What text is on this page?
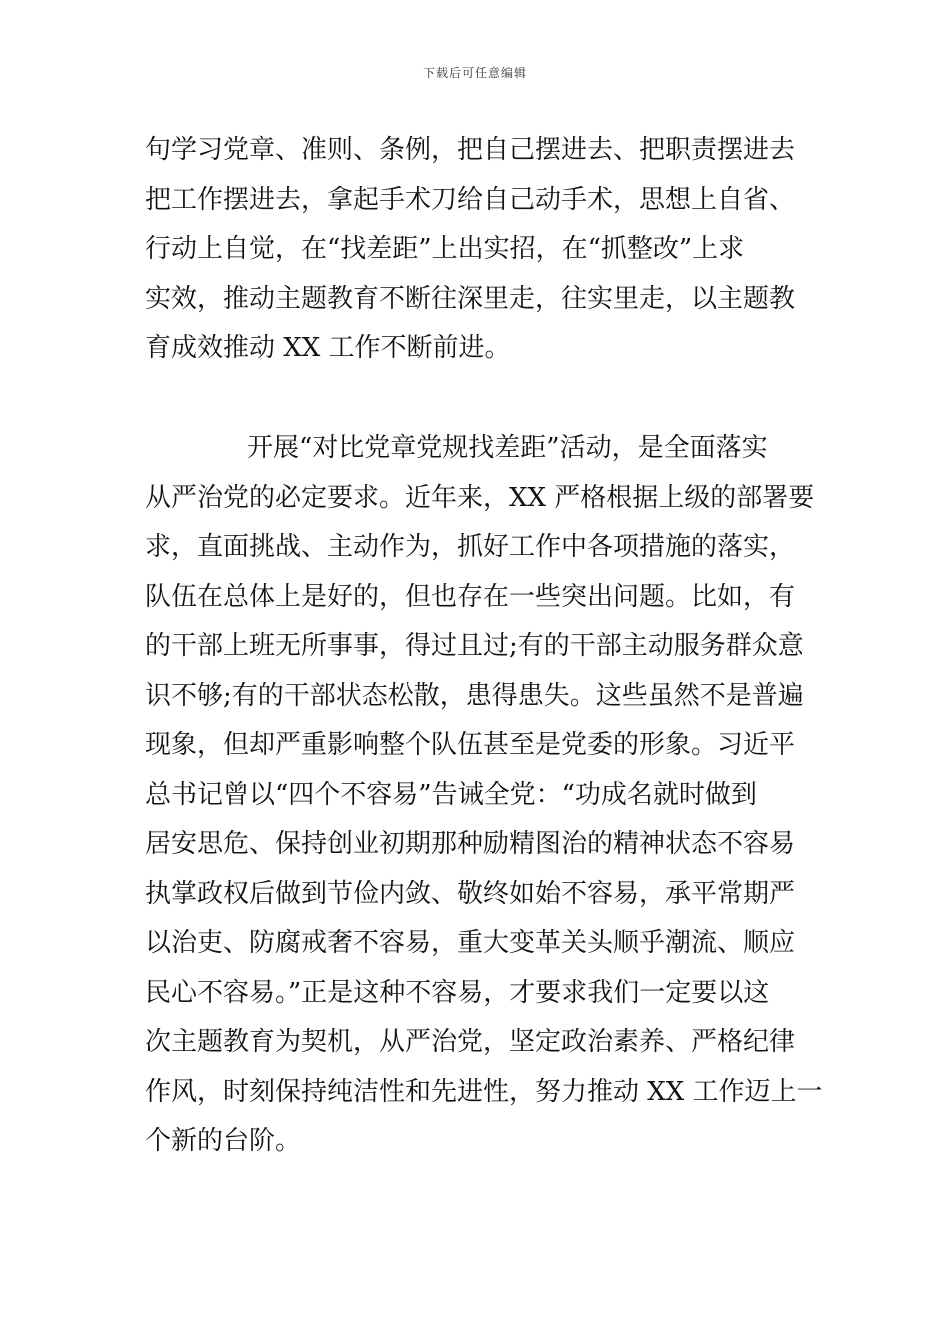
下载后可任意编辑
句学习党章、准则、条例，把自己摆进去、把职责摆进去
把工作摆进去，拿起手术刀给自己动手术，思想上自省、
行动上自觉，在“找差距”上出实招，在“抓整改”上求
实效，推动主题教育不断往深里走，往实里走，以主题教
育成效推动 XX 工作不断前进。
开展“对比党章党规找差距”活动，是全面落实
从严治党的必定要求。近年来，XX 严格根据上级的部署要
求，直面挑战、主动作为，抓好工作中各项措施的落实，
队伍在总体上是好的，但也存在一些突出问题。比如，有
的干部上班无所事事，得过且过;有的干部主动服务群众意
识不够;有的干部状态松散，患得患失。这些虽然不是普遍
现象，但却严重影响整个队伍甚至是党委的形象。习近平
总书记曾以“四个不容易”告诫全党：“功成名就时做到
居安思危、保持创业初期那种励精图治的精神状态不容易
执掌政权后做到节俭内敛、敬终如始不容易，承平常期严
以治吏、防腐戒奢不容易，重大变革关头顺乎潮流、顺应
民心不容易。”正是这种不容易，才要求我们一定要以这
次主题教育为契机，从严治党，坚定政治素养、严格纪律
作风，时刻保持纯洁性和先进性，努力推动 XX 工作迈上一
个新的台阶。
